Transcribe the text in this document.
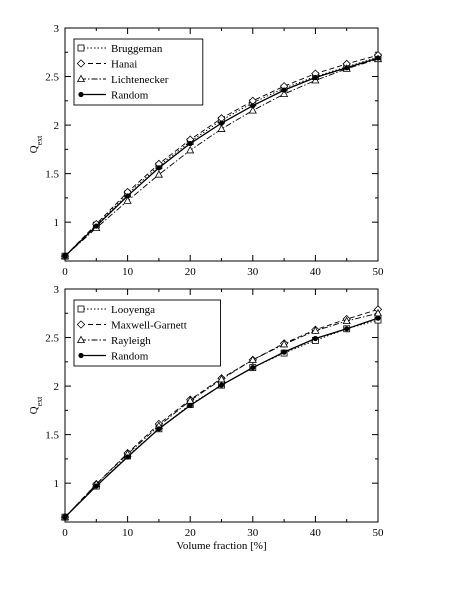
0	10	20	30	40	50
1
1.5
2
2.5
3
$Q_{ext}$
Bruggeman
Hanai
Lichtenecker
Random
0	10	20	30	40	50
1
1.5
2
2.5
3
$Q_{ext}$
Volume fraction [%]
Looyenga
Maxwell-Garnett
Rayleigh
Random
